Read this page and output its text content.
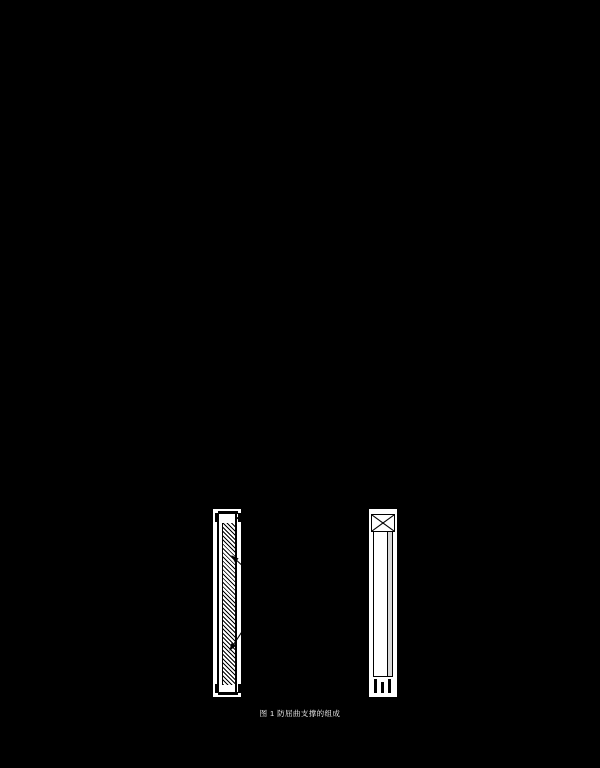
内填材料
内核构件
无粘结材料
外围约束构件
图 1 防屈曲支撑的组成
